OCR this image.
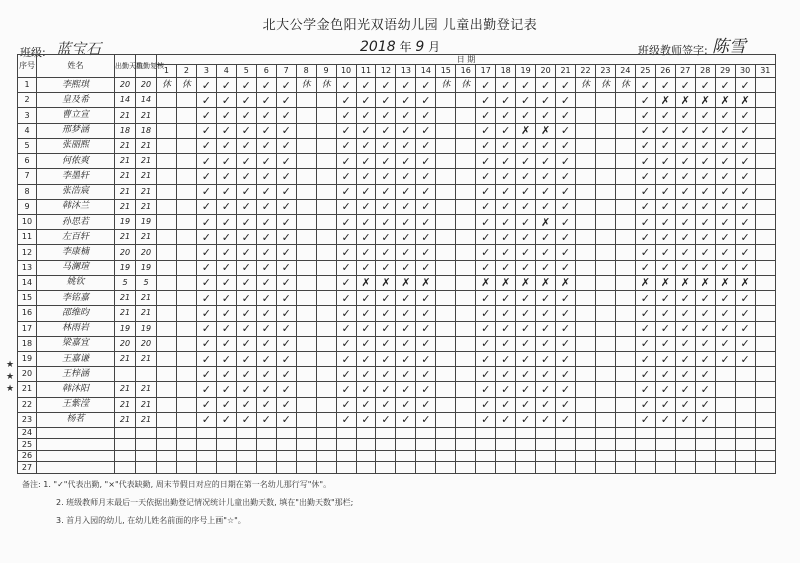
北大公学金色阳光双语幼儿园 儿童出勤登记表
班级: 蓝宝石	2018 年 9 月	班级教师签字: 陈雪
序号	姓名	出勤天数	出勤复核	日 期																														
				1	2	3	4	5	6	7	8	9	10	11	12	13	14	15	16	17	18	19	20	21	22	23	24	25	26	27	28	29	30	31
1	李熙琪	20	20	休	休	✓	✓	✓	✓	✓	休	休	✓	✓	✓	✓	✓	休	休	✓	✓	✓	✓	✓	休	休	休	✓	✓	✓	✓	✓	✓	
2	皇及希	14	14			✓	✓	✓	✓	✓			✓	✓	✓	✓	✓			✓	✓	✓	✓	✓				✓	✗	✗	✗	✗	✗	
3	曹立宣	21	21			✓	✓	✓	✓	✓			✓	✓	✓	✓	✓			✓	✓	✓	✓	✓				✓	✓	✓	✓	✓	✓	
4	邢梦涵	18	18			✓	✓	✓	✓	✓			✓	✓	✓	✓	✓			✓	✓	✗	✗	✓				✓	✓	✓	✓	✓	✓	
5	张丽熙	21	21			✓	✓	✓	✓	✓			✓	✓	✓	✓	✓			✓	✓	✓	✓	✓				✓	✓	✓	✓	✓	✓	
6	何侬爽	21	21			✓	✓	✓	✓	✓			✓	✓	✓	✓	✓			✓	✓	✓	✓	✓				✓	✓	✓	✓	✓	✓	
7	李墨轩	21	21			✓	✓	✓	✓	✓			✓	✓	✓	✓	✓			✓	✓	✓	✓	✓				✓	✓	✓	✓	✓	✓	
8	张浩宸	21	21			✓	✓	✓	✓	✓			✓	✓	✓	✓	✓			✓	✓	✓	✓	✓				✓	✓	✓	✓	✓	✓	
9	韩沐兰	21	21			✓	✓	✓	✓	✓			✓	✓	✓	✓	✓			✓	✓	✓	✓	✓				✓	✓	✓	✓	✓	✓	
10	孙思若	19	19			✓	✓	✓	✓	✓			✓	✓	✓	✓	✓			✓	✓	✓	✗	✓				✓	✓	✓	✓	✓	✓	
11	左百轩	21	21			✓	✓	✓	✓	✓			✓	✓	✓	✓	✓			✓	✓	✓	✓	✓				✓	✓	✓	✓	✓	✓	
12	李康楠	20	20			✓	✓	✓	✓	✓			✓	✓	✓	✓	✓			✓	✓	✓	✓	✓				✓	✓	✓	✓	✓	✓	
13	马澜瑄	19	19			✓	✓	✓	✓	✓			✓	✓	✓	✓	✓			✓	✓	✓	✓	✓				✓	✓	✓	✓	✓	✓	
14	姚钦	5	5			✓	✓	✓	✓	✓			✓	✗	✗	✗	✗			✗	✗	✗	✗	✗				✗	✗	✗	✗	✗	✗	
15	李铭嘉	21	21			✓	✓	✓	✓	✓			✓	✓	✓	✓	✓			✓	✓	✓	✓	✓				✓	✓	✓	✓	✓	✓	
16	邵维昀	21	21			✓	✓	✓	✓	✓			✓	✓	✓	✓	✓			✓	✓	✓	✓	✓				✓	✓	✓	✓	✓	✓	
17	林雨岩	19	19			✓	✓	✓	✓	✓			✓	✓	✓	✓	✓			✓	✓	✓	✓	✓				✓	✓	✓	✓	✓	✓	
18	梁嘉宜	20	20			✓	✓	✓	✓	✓			✓	✓	✓	✓	✓			✓	✓	✓	✓	✓				✓	✓	✓	✓	✓	✓	
19	王嘉谦	21	21			✓	✓	✓	✓	✓			✓	✓	✓	✓	✓			✓	✓	✓	✓	✓				✓	✓	✓	✓	✓	✓	
20	王梓涵					✓	✓	✓	✓	✓			✓	✓	✓	✓	✓			✓	✓	✓	✓	✓				✓	✓	✓	✓			
21	韩沐阳	21	21			✓	✓	✓	✓	✓			✓	✓	✓	✓	✓			✓	✓	✓	✓	✓				✓	✓	✓	✓			
22	王紫滢	21	21			✓	✓	✓	✓	✓			✓	✓	✓	✓	✓			✓	✓	✓	✓	✓				✓	✓	✓	✓			
23	杨茗	21	21			✓	✓	✓	✓	✓			✓	✓	✓	✓	✓			✓	✓	✓	✓	✓				✓	✓	✓	✓			
24																																		
25																																		
26																																		
27																																		
★
★
★
备注: 1. "✓"代表出勤, "×"代表缺勤, 周末节假日对应的日期在第一名幼儿那行写"休"。
2. 班级教师月末最后一天依据出勤登记情况统计儿童出勤天数, 填在"出勤天数"那栏;
3. 首月入园的幼儿, 在幼儿姓名前面的序号上画"☆"。
